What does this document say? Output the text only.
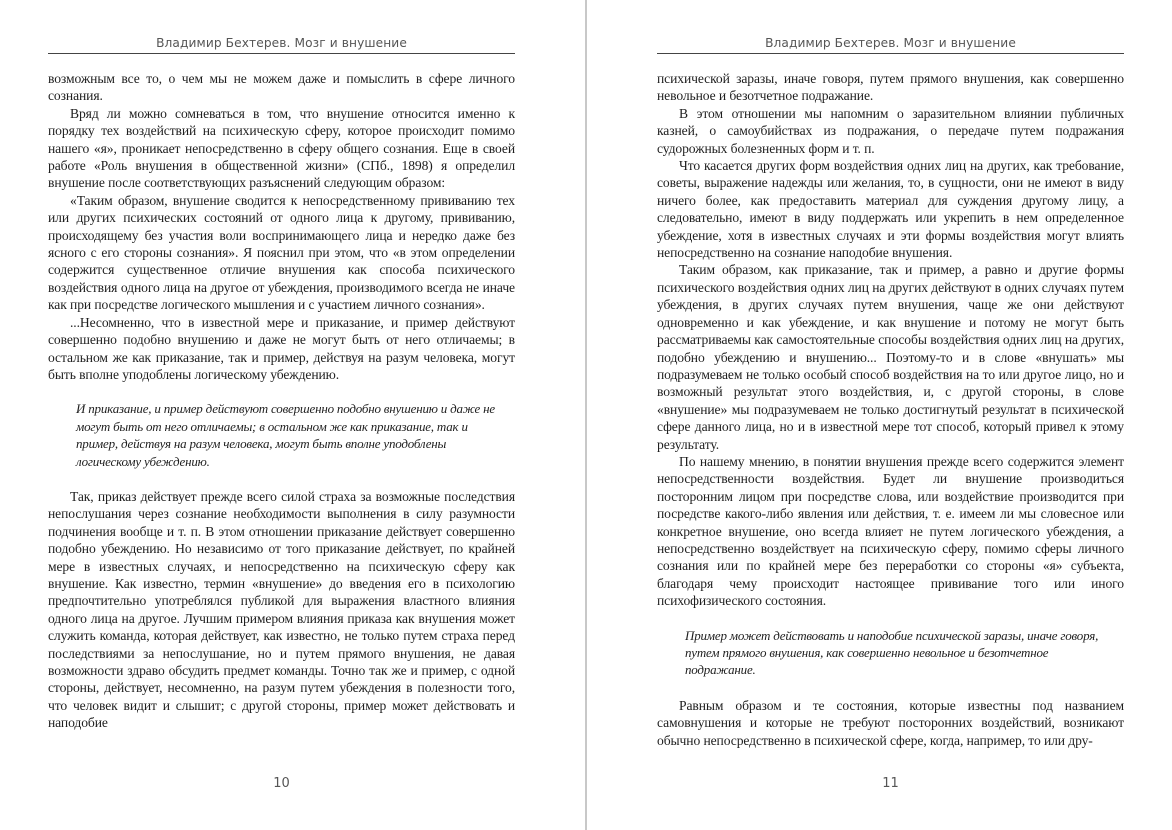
Владимир Бехтерев. Мозг и внушение

возможным все то, о чем мы не можем даже и помыслить в сфере личного сознания.

Вряд ли можно сомневаться в том, что внушение относится именно к порядку тех воздействий на психическую сферу, которое происходит помимо нашего «я», проникает непосредственно в сферу общего сознания. Еще в своей работе «Роль внушения в общественной жизни» (СПб., 1898) я определил внушение после соответствующих разъяснений следующим образом:

«Таким образом, внушение сводится к непосредственному прививанию тех или других психических состояний от одного лица к другому, прививанию, происходящему без участия воли воспринимающего лица и нередко даже без ясного с его стороны сознания». Я пояснил при этом, что «в этом определении содержится существенное отличие внушения как способа психического воздействия одного лица на другое от убеждения, производимого всегда не иначе как при посредстве логического мышления и с участием личного сознания».

...Несомненно, что в известной мере и приказание, и пример действуют совершенно подобно внушению и даже не могут быть от него отличаемы; в остальном же как приказание, так и пример, действуя на разум человека, могут быть вполне уподоблены логическому убеждению.

И приказание, и пример действуют совершенно подобно внушению и даже не могут быть от него отличаемы; в остальном же как приказание, так и пример, действуя на разум человека, могут быть вполне уподоблены логическому убеждению.

Так, приказ действует прежде всего силой страха за возможные последствия непослушания через сознание необходимости выполнения в силу разумности подчинения вообще и т. п. В этом отношении приказание действует совершенно подобно убеждению. Но независимо от того приказание действует, по крайней мере в известных случаях, и непосредственно на психическую сферу как внушение. Как известно, термин «внушение» до введения его в психологию предпочтительно употреблялся публикой для выражения властного влияния одного лица на другое. Лучшим примером влияния приказа как внушения может служить команда, которая действует, как известно, не только путем страха перед последствиями за непослушание, но и путем прямого внушения, не давая возможности здраво обсудить предмет команды. Точно так же и пример, с одной стороны, действует, несомненно, на разум путем убеждения в полезности того, что человек видит и слышит; с другой стороны, пример может действовать и наподобие

10
Владимир Бехтерев. Мозг и внушение

психической заразы, иначе говоря, путем прямого внушения, как совершенно невольное и безотчетное подражание.

В этом отношении мы напомним о заразительном влиянии публичных казней, о самоубийствах из подражания, о передаче путем подражания судорожных болезненных форм и т. п.

Что касается других форм воздействия одних лиц на других, как требование, советы, выражение надежды или желания, то, в сущности, они не имеют в виду ничего более, как предоставить материал для суждения другому лицу, а следовательно, имеют в виду поддержать или укрепить в нем определенное убеждение, хотя в известных случаях и эти формы воздействия могут влиять непосредственно на сознание наподобие внушения.

Таким образом, как приказание, так и пример, а равно и другие формы психического воздействия одних лиц на других действуют в одних случаях путем убеждения, в других случаях путем внушения, чаще же они действуют одновременно и как убеждение, и как внушение и потому не могут быть рассматриваемы как самостоятельные способы воздействия одних лиц на других, подобно убеждению и внушению... Поэтому-то и в слове «внушать» мы подразумеваем не только особый способ воздействия на то или другое лицо, но и возможный результат этого воздействия, и, с другой стороны, в слове «внушение» мы подразумеваем не только достигнутый результат в психической сфере данного лица, но и в известной мере тот способ, который привел к этому результату.

По нашему мнению, в понятии внушения прежде всего содержится элемент непосредственности воздействия. Будет ли внушение производиться посторонним лицом при посредстве слова, или воздействие производится при посредстве какого-либо явления или действия, т. е. имеем ли мы словесное или конкретное внушение, оно всегда влияет не путем логического убеждения, а непосредственно воздействует на психическую сферу, помимо сферы личного сознания или по крайней мере без переработки со стороны «я» субъекта, благодаря чему происходит настоящее прививание того или иного психофизического состояния.

Пример может действовать и наподобие психической заразы, иначе говоря, путем прямого внушения, как совершенно невольное и безотчетное подражание.

Равным образом и те состояния, которые известны под названием самовнушения и которые не требуют посторонних воздействий, возникают обычно непосредственно в психической сфере, когда, например, то или дру-

11
